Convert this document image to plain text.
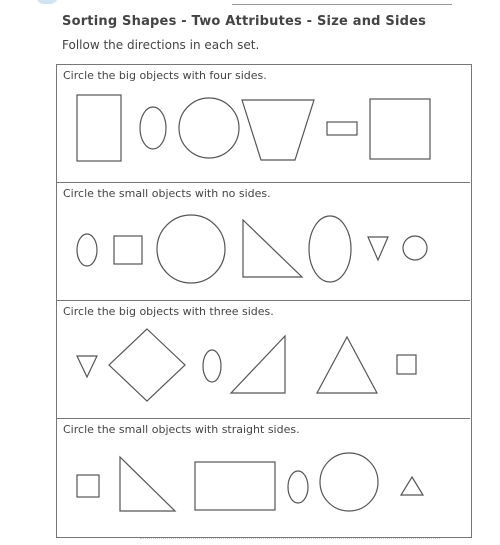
Sorting Shapes - Two Attributes - Size and Sides
Follow the directions in each set.
Circle the big objects with four sides.
Circle the small objects with no sides.
Circle the big objects with three sides.
Circle the small objects with straight sides.
